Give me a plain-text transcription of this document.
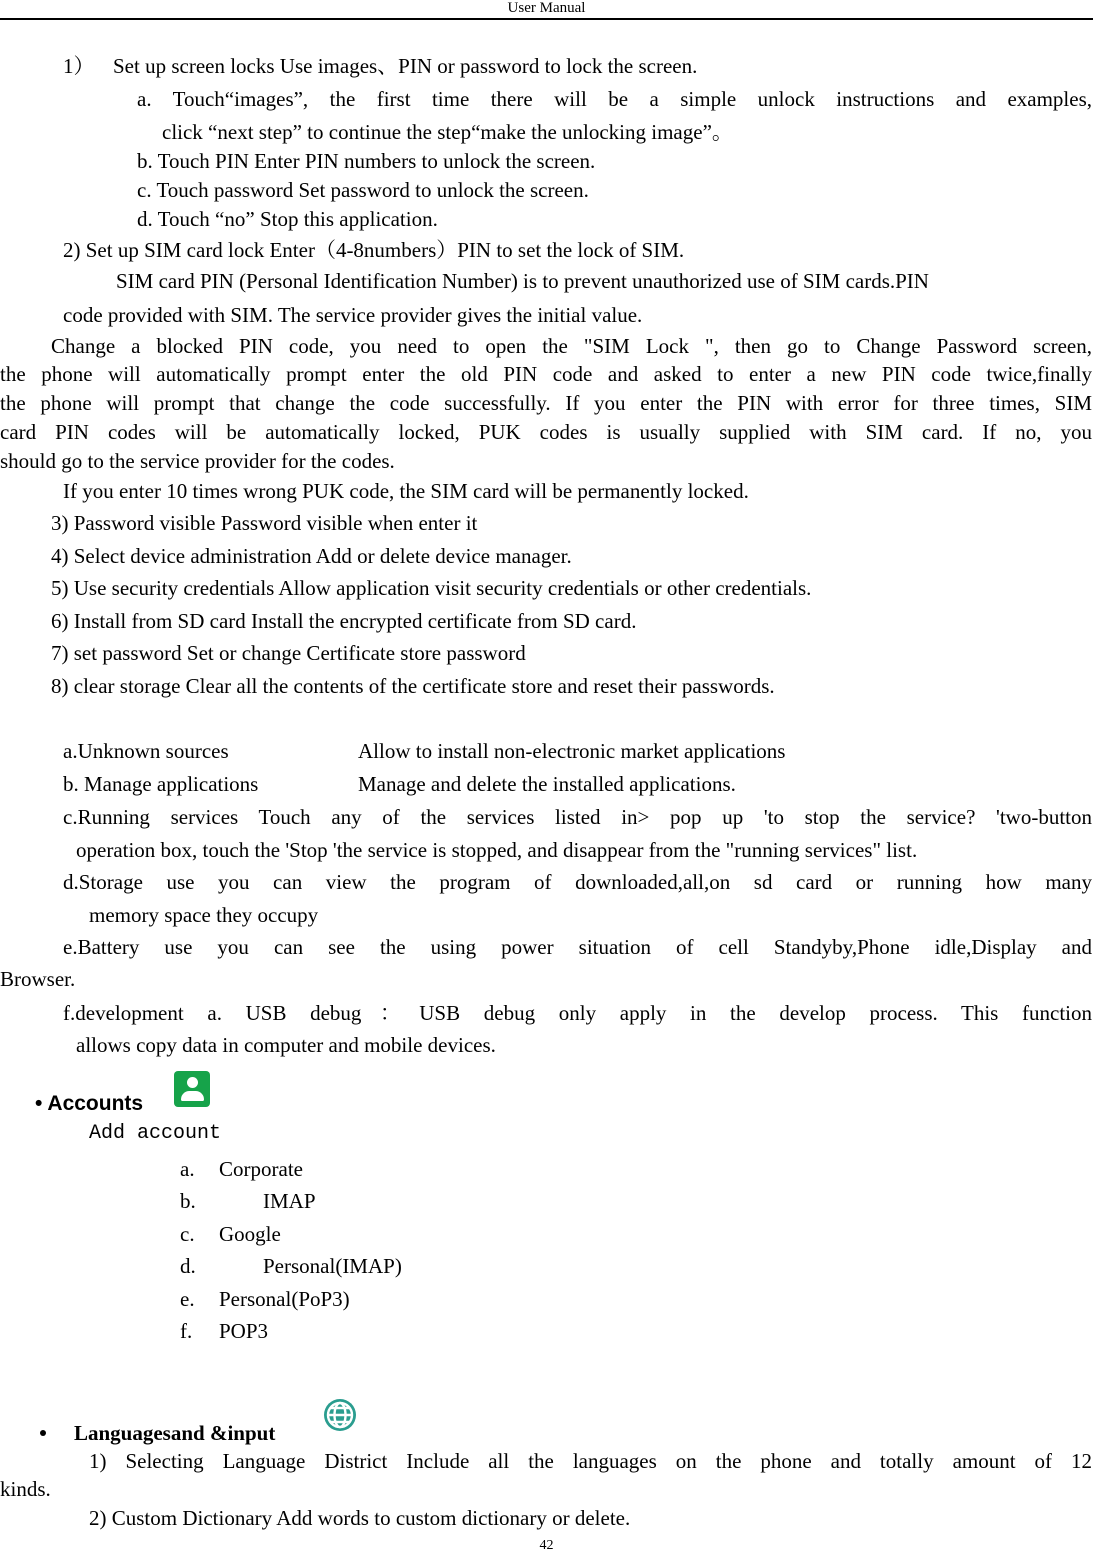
User Manual
1） Set up screen locks Use images、PIN or password to lock the screen.
a. Touch“images”, the first time there will be a simple unlock instructions and examples,
click “next step” to continue the step“make the unlocking image”。
b. Touch PIN Enter PIN numbers to unlock the screen.
c. Touch password Set password to unlock the screen.
d. Touch “no” Stop this application.
2) Set up SIM card lock Enter（4-8numbers）PIN to set the lock of SIM.
SIM card PIN (Personal Identification Number) is to prevent unauthorized use of SIM cards.PIN
code provided with SIM. The service provider gives the initial value.
Change a blocked PIN code, you need to open the "SIM Lock ", then go to Change Password screen,
the phone will automatically prompt enter the old PIN code and asked to enter a new PIN code twice,finally
the phone will prompt that change the code successfully. If you enter the PIN with error for three times, SIM
card PIN codes will be automatically locked, PUK codes is usually supplied with SIM card. If no, you
should go to the service provider for the codes.
If you enter 10 times wrong PUK code, the SIM card will be permanently locked.
3) Password visible Password visible when enter it
4) Select device administration Add or delete device manager.
5) Use security credentials Allow application visit security credentials or other credentials.
6) Install from SD card Install the encrypted certificate from SD card.
7) set password Set or change Certificate store password
8) clear storage Clear all the contents of the certificate store and reset their passwords.
a.Unknown sources	Allow to install non-electronic market applications
b. Manage applications	Manage and delete the installed applications.
c.Running services Touch any of the services listed in> pop up 'to stop the service? 'two-button
operation box, touch the 'Stop 'the service is stopped, and disappear from the "running services" list.
d.Storage use you can view the program of downloaded,all,on sd card or running how many
memory space they occupy
e.Battery use you can see the using power situation of cell Standyby,Phone idle,Display and
Browser.
f.development a. USB debug：USB debug only apply in the develop process. This function
allows copy data in computer and mobile devices.
• Accounts
Add account
a. Corporate
b.	IMAP
c. Google
d.	Personal(IMAP)
e. Personal(PoP3)
f. POP3
Languagesand &input
1) Selecting Language District Include all the languages on the phone and totally amount of 12
kinds.
2) Custom Dictionary Add words to custom dictionary or delete.
42
